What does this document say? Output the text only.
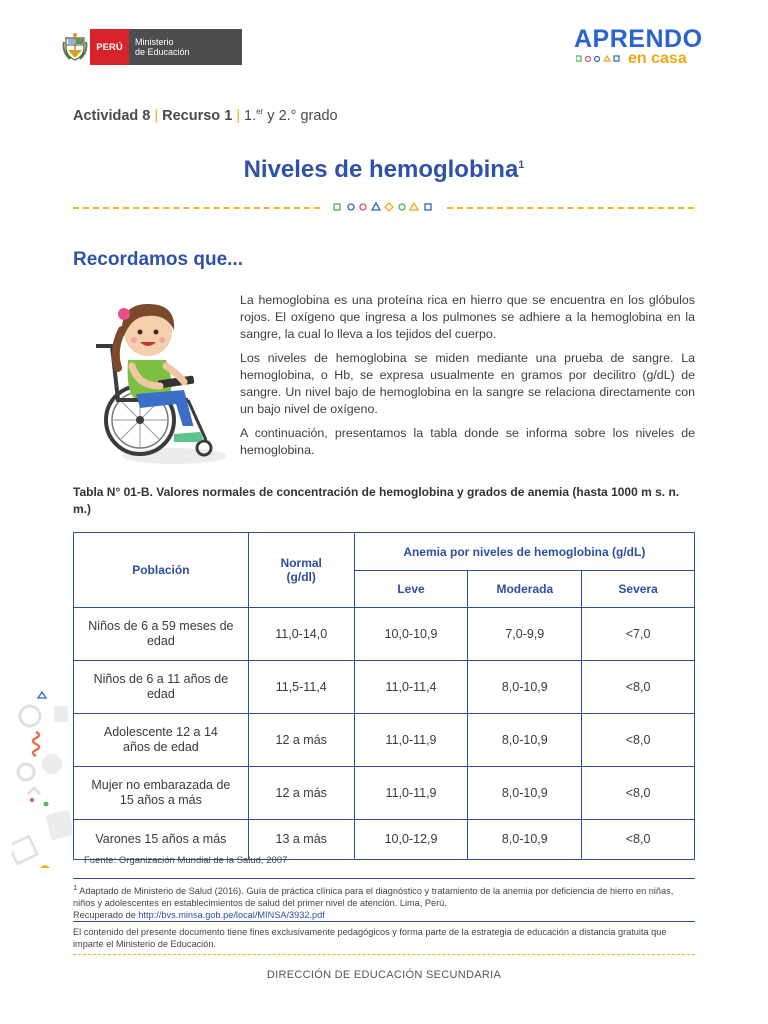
PERÚ	Ministerio
de Educación	APRENDO
en casa
Actividad 8 | Recurso 1 | 1.$^{er}$ y 2.° grado
Niveles de hemoglobina$^1$
Recordamos que...

La hemoglobina es una proteína rica en hierro que se encuentra en los glóbulos rojos. El oxígeno que ingresa a los pulmones se adhiere a la hemoglobina en la sangre, la cual lo lleva a los tejidos del cuerpo.

Los niveles de hemoglobina se miden mediante una prueba de sangre. La hemoglobina, o Hb, se expresa usualmente en gramos por decilitro (g/dL) de sangre. Un nivel bajo de hemoglobina en la sangre se relaciona directamente con un bajo nivel de oxígeno.

A continuación, presentamos la tabla donde se informa sobre los niveles de hemoglobina.

Tabla N° 01-B. Valores normales de concentración de hemoglobina y grados de anemia (hasta 1000 m s. n. m.)
Población	Normal (g/dl)	Anemia por niveles de hemoglobina (g/dL)		
		Leve	Moderada	Severa
Niños de 6 a 59 meses de edad	11,0-14,0	10,0-10,9	7,0-9,9	<7,0
Niños de 6 a 11 años de edad	11,5-11,4	11,0-11,4	8,0-10,9	<8,0
Adolescente 12 a 14 años de edad	12 a más	11,0-11,9	8,0-10,9	<8,0
Mujer no embarazada de 15 años a más	12 a más	11,0-11,9	8,0-10,9	<8,0
Varones 15 años a más	13 a más	10,0-12,9	8,0-10,9	<8,0
Fuente: Organización Mundial de la Salud, 2007
$^1$ Adaptado de Ministerio de Salud (2016). Guía de práctica clínica para el diagnóstico y tratamiento de la anemia por deficiencia de hierro en niñas, niños y adolescentes en establecimientos de salud del primer nivel de atención. Lima, Perú.
Recuperado de http://bvs.minsa.gob.pe/local/MINSA/3932.pdf
El contenido del presente documento tiene fines exclusivamente pedagógicos y forma parte de la estrategia de educación a distancia gratuita que imparte el Ministerio de Educación.
DIRECCIÓN DE EDUCACIÓN SECUNDARIA
